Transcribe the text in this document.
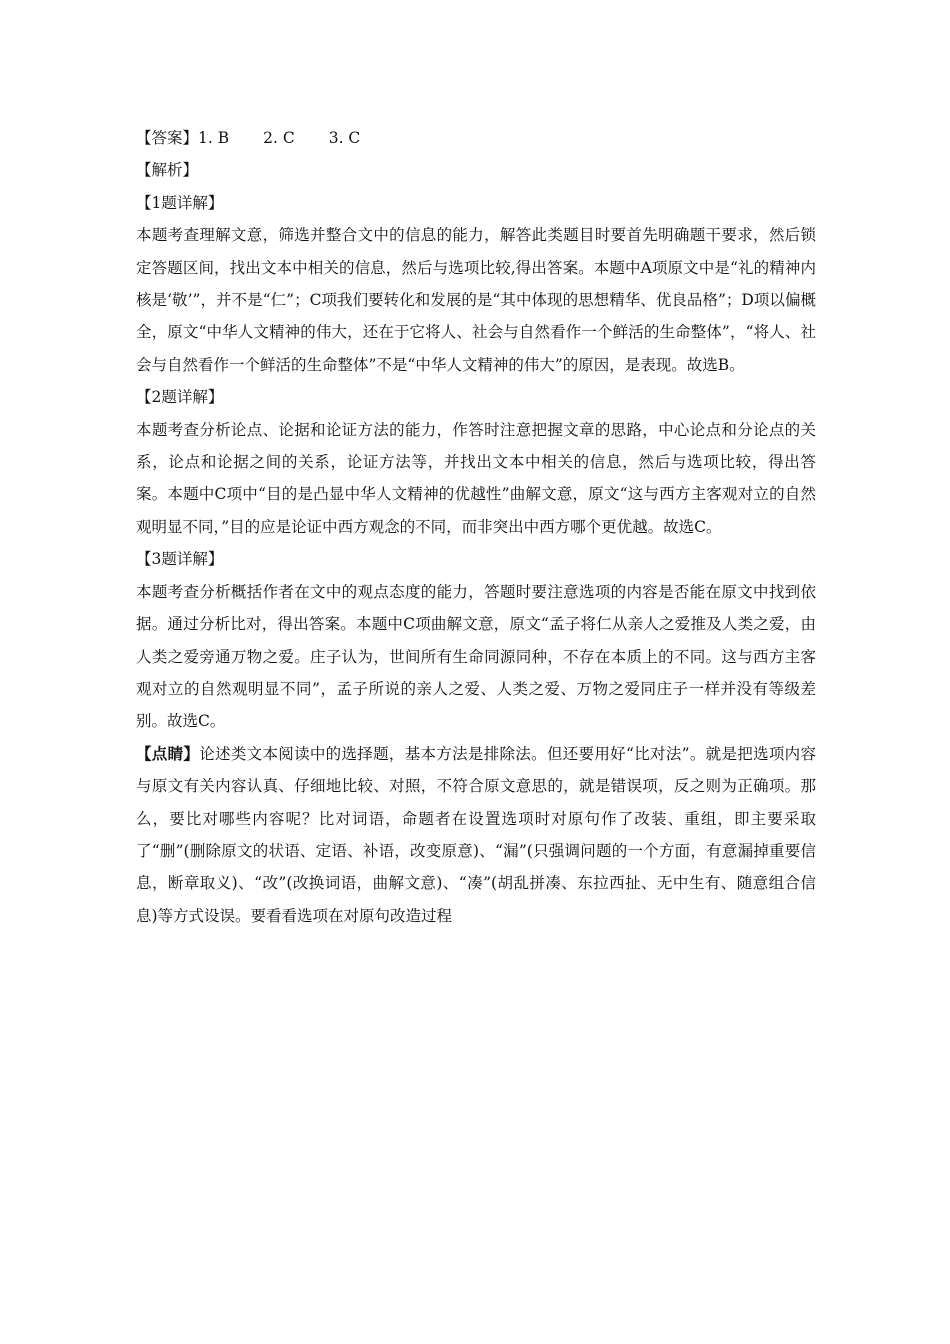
【答案】1. B 2. C 3. C

【解析】

【1题详解】

本题考查理解文意，筛选并整合文中的信息的能力，解答此类题目时要首先明确题干要求，然后锁定答题区间，找出文本中相关的信息，然后与选项比较,得出答案。本题中A项原文中是“礼的精神内核是‘敬’”，并不是“仁”；C项我们要转化和发展的是“其中体现的思想精华、优良品格”；D项以偏概全，原文“中华人文精神的伟大，还在于它将人、社会与自然看作一个鲜活的生命整体”，“将人、社会与自然看作一个鲜活的生命整体”不是“中华人文精神的伟大”的原因，是表现。故选B。

【2题详解】

本题考查分析论点、论据和论证方法的能力，作答时注意把握文章的思路，中心论点和分论点的关系，论点和论据之间的关系，论证方法等，并找出文本中相关的信息，然后与选项比较，得出答案。本题中C项中“目的是凸显中华人文精神的优越性”曲解文意，原文“这与西方主客观对立的自然观明显不同，”目的应是论证中西方观念的不同，而非突出中西方哪个更优越。故选C。

【3题详解】

本题考查分析概括作者在文中的观点态度的能力，答题时要注意选项的内容是否能在原文中找到依据。通过分析比对，得出答案。本题中C项曲解文意，原文“孟子将仁从亲人之爱推及人类之爱，由人类之爱旁通万物之爱。庄子认为，世间所有生命同源同种，不存在本质上的不同。这与西方主客观对立的自然观明显不同”，孟子所说的亲人之爱、人类之爱、万物之爱同庄子一样并没有等级差别。故选C。

【点睛】论述类文本阅读中的选择题，基本方法是排除法。但还要用好“比对法”。就是把选项内容与原文有关内容认真、仔细地比较、对照，不符合原文意思的，就是错误项，反之则为正确项。那么，要比对哪些内容呢？比对词语，命题者在设置选项时对原句作了改装、重组，即主要采取了“删”(删除原文的状语、定语、补语，改变原意)、“漏”(只强调问题的一个方面，有意漏掉重要信息，断章取义)、“改”(改换词语，曲解文意)、“凑”(胡乱拼凑、东拉西扯、无中生有、随意组合信息)等方式设误。要看看选项在对原句改造过程
